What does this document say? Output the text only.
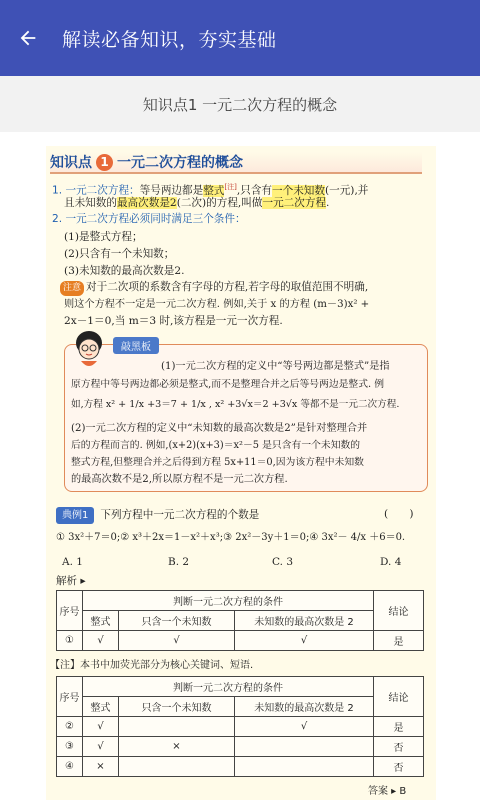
解读必备知识，夯实基础
知识点1 一元二次方程的概念
知识点 1 一元二次方程的概念
1. 一元二次方程：等号两边都是整式[注],只含有一个未知数(一元),并
且未知数的最高次数是2(二次)的方程,叫做一元二次方程.
2. 一元二次方程必须同时满足三个条件：
(1)是整式方程；
(2)只含有一个未知数；
(3)未知数的最高次数是2.
注意 对于二次项的系数含有字母的方程,若字母的取值范围不明确,
则这个方程不一定是一元二次方程. 例如,关于 x 的方程 (m－3)x² +
2x－1＝0,当 m＝3 时,该方程是一元一次方程.
敲黑板
(1)一元二次方程的定义中“等号两边都是整式”是指
原方程中等号两边都必须是整式,而不是整理合并之后等号两边是整式. 例
如,方程 x² + 1/x +3＝7 + 1/x , x² +3√x＝2 +3√x 等都不是一元二次方程.
(2)一元二次方程的定义中“未知数的最高次数是2”是针对整理合并
后的方程而言的. 例如,(x+2)(x+3)＝x²－5 是只含有一个未知数的
整式方程,但整理合并之后得到方程 5x+11＝0,因为该方程中未知数
的最高次数不是2,所以原方程不是一元二次方程.
典例1 下列方程中一元二次方程的个数是	(　　)
① 3x²＋7＝0;② x³＋2x＝1－x²＋x³;③ 2x²－3y＋1＝0;④ 3x²－ 4/x ＋6＝0.
A. 1	B. 2	C. 3	D. 4
解析 ▸
序号	判断一元二次方程的条件			结论
	整式	只含一个未知数	未知数的最高次数是 2	
①	√	√	√	是
【注】本书中加荧光部分为核心关键词、短语.
序号	判断一元二次方程的条件			结论
	整式	只含一个未知数	未知数的最高次数是 2	
②	√		√	是
③	√	×		否
④	×			否
答案 ▸ B
